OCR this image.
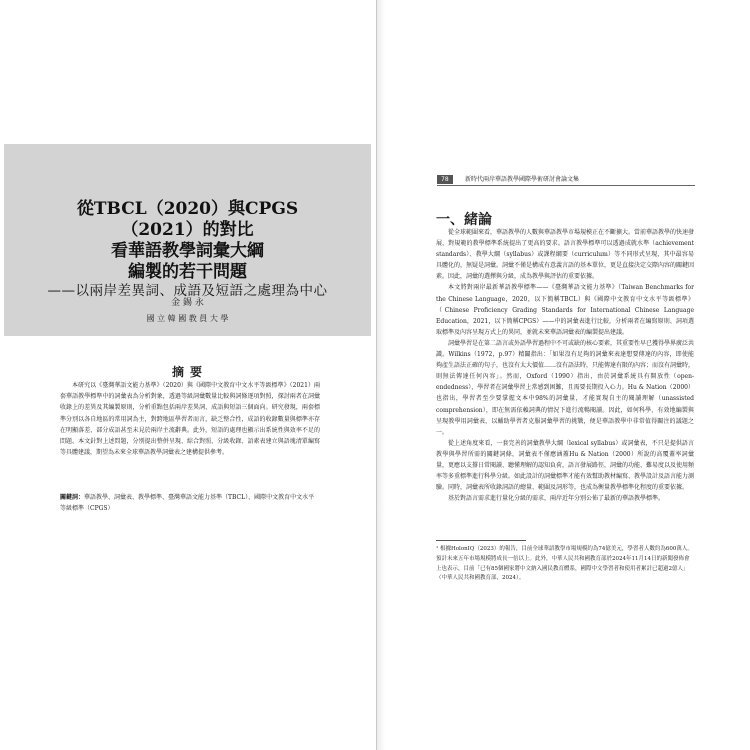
從TBCL（2020）與CPGS
（2021）的對比
看華語教學詞彙大綱
編製的若干問題
——以兩岸差異詞、成語及短語之處理為中心
金 錫 永
國 立 韓 國 教 員 大 學
摘要

本研究以《臺灣華語文能力基準》（2020）與《國際中文教育中文水平等級標準》（2021）兩套華語教學標準中的詞彙表為分析對象，透過等級詞彙數量比較與詞條逐項對照，探討兩者在詞彙收錄上的差異及其編製原則，分析重點包括兩岸差異詞、成語與短語三個面向。研究發現，兩套標準分別以各自地區的常用詞為主，對跨地區學習者而言，缺乏整合性，成語的收錄數量與標準亦存在明顯落差，部分成語甚至未見於兩岸主流辭典。此外，短語的處理也顯示出系統性與效率不足的問題。本文針對上述問題，分別提出整併呈現、綜合對照、分級收錄、語素表建立與語塊清單編寫等具體建議，期望為未來全球華語教學詞彙表之建構提供參考。

關鍵詞：華語教學、詞彙表、教學標準、臺灣華語文能力基準（TBCL）、國際中文教育中文水平等級標準（CPGS）
78	新時代兩岸華語教學國際學術研討會論文集
一、緒論

從全球範圍來看，華語教學的人數與華語教學市場規模正在不斷擴大。當前華語教學的快速發展，對規範的教學標準系統提出了更高的要求。語言教學標準可以透過成就水準（achievement standards）、教學大綱（syllabus）或課程綱要（curriculum）等不同形式呈現，其中最容易具體化的，無疑是詞彙。詞彙不僅是構成有意義言語的基本單位，更是直接決定交際內容的關鍵因素。因此，詞彙的選擇與分級，成為教學與評估的重要依據。

本文將對兩岸最新華語教學標準——《臺灣華語文能力基準》（Taiwan Benchmarks for the Chinese Language，2020，以下簡稱TBCL）與《國際中文教育中文水平等級標準》（Chinese Proficiency Grading Standards for International Chinese Language Education，2021，以下簡稱CPGS）——中的詞彙表進行比較，分析兩者在編寫原則、詞項選取標準及內容呈現方式上的異同，並就未來華語詞彙表的編製提出建議。

詞彙學習是在第二語言或外語學習過程中不可或缺的核心要素，其重要性早已獲得學界廣泛共識。Wilkins（1972，p.97）精闢指出：「如果沒有足夠的詞彙來表達想要傳達的內容，即使能夠產生語法正確的句子，也沒有太大價值……沒有語法時，只能傳達有限的內容；而沒有詞彙時，則無法傳達任何內容」。然而，Oxford（1990）指出，由於詞彙系統具有開放性（open-endedness），學習者在詞彙學習上常感到困難，且需要長期投入心力。Hu & Nation（2000）也指出，學習者至少要掌握文本中98%的詞彙量，才能實現自主的閱讀理解（unassisted comprehension），即在無需依賴詞典的情況下進行流暢閱讀。因此，如何科學、有效地編製與呈現教學用詞彙表，以輔助學習者克服詞彙學習的挑戰，便是華語教學中非常值得關注的議題之一。

從上述角度來看，一套完善的詞彙教學大綱（lexical syllabus）或詞彙表，不只是提供語言教學與學習所需的關鍵詞條，詞彙表不僅應涵蓋Hu & Nation（2000）所說的高覆蓋率詞彙量，更應以支撐日常閱讀、聽懂理解的認知負荷，語言發展路徑，詞彙的功能、難易度以及使用頻率等多重標準進行科學分級。如此設計的詞彙標準才能有效幫助教材編寫、教學設計及語言能力測驗。同時，詞彙表所收錄詞語的總量、範圍及詞形等，也成為衡量教學標準化程度的重要依據。

基於對語言需求進行量化分級的需求，兩岸近年分別公佈了最新的華語教學標準。

¹ 根據HolonIQ（2023）的報告，目前全球華語教學市場規模約為74億美元，學習者人數約為600萬人。預計未來五年市場規模將成長一倍以上。此外，中華人民共和國教育部於2024年11月14日的新聞發佈會上也表示，目前「已有85個國家將中文納入國民教育體系，國際中文學習者和使用者累計已超過2億人」（中華人民共和國教育部，2024）。
